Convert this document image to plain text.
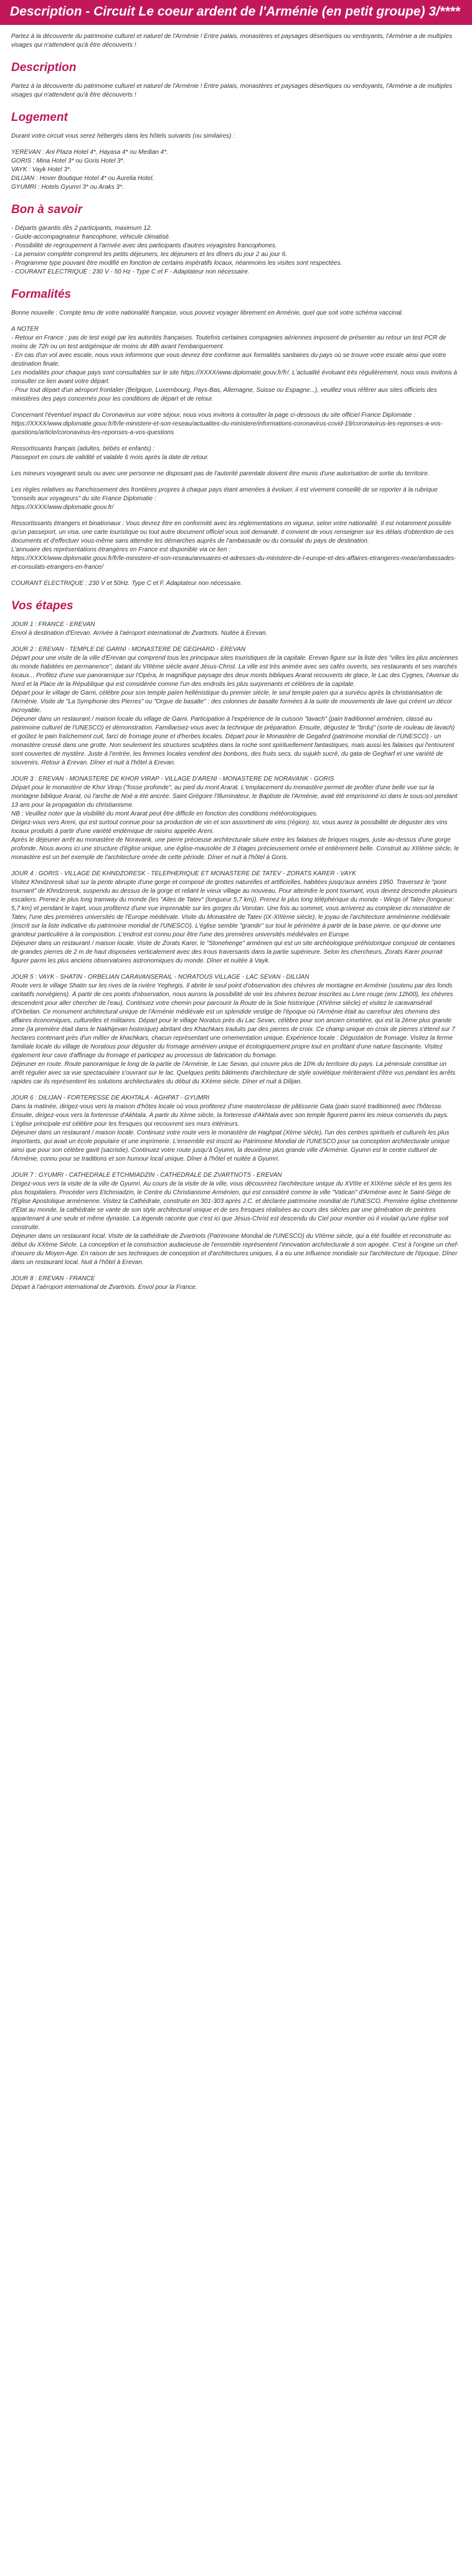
Description - Circuit Le coeur ardent de l'Arménie (en petit groupe) 3/****
Partez à la découverte du patrimoine culturel et naturel de l'Arménie ! Entre palais, monastères et paysages désertiques ou verdoyants, l'Arménie a de multiples visages qui n'attendent qu'à être découverts !
Description
Partez à la découverte du patrimoine culturel et naturel de l'Arménie ! Entre palais, monastères et paysages désertiques ou verdoyants, l'Arménie a de multiples visages qui n'attendent qu'à être découverts !
Logement
Durant votre circuit vous serez hébergés dans les hôtels suivants (ou similaires) :
YEREVAN : Ani Plaza Hotel 4*, Hayasa 4* ou Median 4*.
GORIS : Mina Hotel 3* ou Goris Hotel 3*.
VAYK : Vayk Hotel 3*.
DILIJAN : Hover Boutique Hotel 4* ou Aurelia Hotel.
GYUMRI : Hotels Gyumri 3* ou Araks 3*.
Bon à savoir
- Départs garantis dès 2 participants, maximum 12.
- Guide-accompagnateur francophone, véhicule climatisé.
- Possibilité de regroupement à l'arrivée avec des participants d'autres voyagistes francophones.
- La pension complète comprend les petits déjeuners, les déjeuners et les dîners du jour 2 au jour 6.
- Programme type pouvant être modifié en fonction de certains impératifs locaux, néanmoins les visites sont respectées.
- COURANT ELECTRIQUE : 230 V - 50 Hz - Type C et F - Adaptateur non nécessaire.
Formalités
Bonne nouvelle : Compte tenu de votre nationalité française, vous pouvez voyager librement en Arménie, quel que soit votre schéma vaccinal.
A NOTER
- Retour en France : pas de test exigé par les autorités françaises. Toutefois certaines compagnies aériennes imposent de présenter au retour un test PCR de moins de 72h ou un test antigénique de moins de 48h avant l'embarquement.
- En cas d'un vol avec escale, nous vous informons que vous devrez être conforme aux formalités sanitaires du pays où se trouve votre escale ainsi que votre destination finale.
Les modalités pour chaque pays sont consultables sur le site https://XXXX/www.diplomatie.gouv.fr/fr/. L'actualité évoluant très régulièrement, nous vous invitons à consulter ce lien avant votre départ.
- Pour tout départ d'un aéroport frontalier (Belgique, Luxembourg, Pays-Bas, Allemagne, Suisse ou Espagne...), veuillez vous référer aux sites officiels des ministères des pays concernés pour les conditions de départ et de retour.
Concernant l'éventuel impact du Coronavirus sur votre séjour, nous vous invitons à consulter la page ci-dessous du site officiel France Diplomatie :
https://XXXX/www.diplomatie.gouv.fr/fr/le-ministere-et-son-reseau/actualites-du-ministere/informations-coronavirus-covid-19/coronavirus-les-reponses-a-vos-questions/article/coronavirus-les-reponses-a-vos-questions
Ressortissants français (adultes, bébés et enfants) :
Passeport en cours de validité et valable 6 mois après la date de retour.
Les mineurs voyageant seuls ou avec une personne ne disposant pas de l'autorité parentale doivent être munis d'une autorisation de sortie du territoire.
Les règles relatives au franchissement des frontières propres à chaque pays étant amenées à évoluer, il est vivement conseillé de se reporter à la rubrique "conseils aux voyageurs" du site France Diplomatie :
https://XXXX/www.diplomatie.gouv.fr/
Ressortissants étrangers et binationaux : Vous devrez être en conformité avec les réglementations en vigueur, selon votre nationalité. Il est notamment possible qu'un passeport, un visa, une carte touristique ou tout autre document officiel vous soit demandé. Il convient de vous renseigner sur les délais d'obtention de ces documents et d'effectuer vous-même sans attendre les démarches auprès de l'ambassade ou du consulat du pays de destination.
L'annuaire des représentations étrangères en France est disponible via ce lien :
https://XXXX/www.diplomatie.gouv.fr/fr/le-ministere-et-son-reseau/annuaires-et-adresses-du-ministere-de-l-europe-et-des-affaires-etrangeres-meae/ambassades-et-consulats-etrangers-en-france/
COURANT ELECTRIQUE : 230 V et 50Hz. Type C et F. Adaptateur non nécessaire.
Vos étapes
JOUR 1 : FRANCE - EREVAN
Envol à destination d'Erevan. Arrivée à l'aéroport international de Zvartnots. Nuitée à Erevan.
JOUR 2 : EREVAN - TEMPLE DE GARNI - MONASTERE DE GEGHARD - EREVAN
Départ pour une visite de la ville d'Erevan qui comprend tous les principaux sites touristiques de la capitale. Erevan figure sur la liste des "villes les plus anciennes du monde habitées en permanence", datant du VIIIème siècle avant Jésus-Christ. La ville est très animée avec ses cafés ouverts, ses restaurants et ses marchés locaux... Profitez d'une vue panoramique sur l'Opéra, le magnifique paysage des deux monts bibliques Ararat recouverts de glace, le Lac des Cygnes, l'Avenue du Nord et la Place de la République qui est considérée comme l'un des endroits les plus surprenants et célèbres de la capitale.
Départ pour le village de Garni, célèbre pour son temple païen hellénistique du premier siècle, le seul temple païen qui a survécu après la christianisation de l'Arménie. Visite de "La Symphonie des Pierres" ou "Orgue de basalte" : des colonnes de basalte formées à la suite de mouvements de lave qui créent un décor incroyable.
Déjeuner dans un restaurant / maison locale du village de Garni. Participation à l'expérience de la cuisson "lavach" (pain traditionnel arménien, classé au patrimoine culturel de l'UNESCO) et démonstration. Familiarisez-vous avec la technique de préparation. Ensuite, dégustez le "brduj" (sorte de rouleau de lavach) et goûtez le pain fraîchement cuit, farci de fromage jeune et d'herbes locales. Départ pour le Monastère de Gegahrd (patrimoine mondial de l'UNESCO) - un monastère creusé dans une grotte. Non seulement les structures sculptées dans la roche sont spirituellement fantastiques, mais aussi les falaises qui l'entourent sont couvertes de mystère. Juste à l'entrée, les femmes locales vendent des bonbons, des fruits secs, du sujukh sucré, du gata de Gegharf et une variété de souvenirs. Retour à Erevan. Dîner et nuit à l'hôtel à Erevan.
JOUR 3 : EREVAN - MONASTERE DE KHOR VIRAP - VILLAGE D'ARENI - MONASTERE DE NORAVANK - GORIS
Départ pour le monastère de Khor Virap ("fosse profonde", au pied du mont Ararat. L'emplacement du monastère permet de profiter d'une belle vue sur la montagne biblique Ararat, où l'arche de Noé a été ancrée. Saint Grégoire l'Illuminateur, le Baptiste de l'Arménie, avait été emprisonné ici dans le sous-sol pendant 13 ans pour la propagation du christianisme.
NB : Veuillez noter que la visibilité du mont Ararat peut être difficile en fonction des conditions météorologiques.
Dirigez-vous vers Areni, qui est surtout connue pour sa production de vin et son assortiment de vins (région). Ici, vous aurez la possibilité de déguster des vins locaux produits à partir d'une variété endémique de raisins appelée Areni.
Après le déjeuner arrêt au monastère de Noravank, une pierre précieuse architecturale située entre les falaises de briques rouges, juste au-dessus d'une gorge profonde. Nous avons ici une structure d'église unique, une église-mausolée de 3 étages précieusement ornée et entièrement belle. Construit au XIIIème siècle, le monastère est un bel exemple de l'architecture ornée de cette période. Dîner et nuit à l'hôtel à Goris.
JOUR 4 : GORIS - VILLAGE DE KHNDZORESK - TELEPHERIQUE ET MONASTERE DE TATEV - ZORATS KARER - VAYK
Visitez Khndzoresk situé sur la pente abrupte d'une gorge et composé de grottes naturelles et artificielles, habitées jusqu'aux années 1950. Traversez le "pont tournant" de Khndzoresk, suspendu au dessus de la gorge et reliant le vieux village au nouveau. Pour atteindre le pont tournant, vous devrez descendre plusieurs escaliers. Prenez le plus long tramway du monde (les "Ailes de Tatev" (longueur 5,7 km)). Prenez le plus long téléphérique du monde - Wings of Tatev (longueur: 5,7 km) et pendant le trajet, vous profiterez d'une vue imprenable sur les gorges du Vorotan. Une fois au sommet, vous arriverez au complexe du monastère de Tatev, l'une des premières universités de l'Europe médiévale. Visite du Monastère de Tatev (IX-XIIIème siècle), le joyau de l'architecture arménienne médiévale (inscrit sur la liste indicative du patrimoine mondial de l'UNESCO). L'église semble "grandir" sur tout le périmètre à partir de la base pierre, ce qui donne une grandeur particulière à la composition. L'endroit est connu pour être l'une des premières universités médiévales en Europe.
Déjeuner dans un restaurant / maison locale. Visite de Zorats Karer, le "Stonehenge" arménien qui est un site archéologique préhistorique composé de centaines de grandes pierres de 2 m de haut disposées verticalement avec des trous traversants dans la partie supérieure. Selon les chercheurs, Zorats Karer pourrait figurer parmi les plus anciens observatoires astronomiques du monde. Dîner et nuitée à Vayk.
JOUR 5 : VAYK - SHATIN - ORBELIAN CARAVANSERAIL - NORATOUS VILLAGE - LAC SEVAN - DILIJAN
Route vers le village Shatin sur les rives de la rivière Yeghegis. Il abrite le seul point d'observation des chèvres de montagne en Arménie (soutenu par des fonds caritatifs norvégiens). À partir de ces points d'observation, nous aurons la possibilité de voir les chèvres bezoar inscrites au Livre rouge (env 12h00), les chèvres descendent pour aller chercher de l'eau). Continuez votre chemin pour parcourir la Route de la Soie historique (XIVème siècle) et visitez le caravansérail d'Orbelian. Ce monument architectural unique de l'Arménie médiévale est un splendide vestige de l'époque où l'Arménie était au carrefour des chemins des affaires économiques, culturelles et militaires. Départ pour le village Noratus près du Lac Sevan, célèbre pour son ancien cimetière, qui est la 2ème plus grande zone (la première était dans le Nakhijevan historique) abritant des Khachkars traduits par des pierres de croix. Ce champ unique en croix de pierres s'étend sur 7 hectares contenant près d'un millier de khachkars, chacun représentant une ornementation unique. Expérience locale : Dégustation de fromage. Visitez la ferme familiale locale du village de Noratous pour déguster du fromage arménien unique et écologiquement propre tout en profitant d'une nature fascinante. Visitez également leur cave d'affinage du fromage et participez au processus de fabrication du fromage.
Déjeuner en route. Route panoramique le long de la partie de l'Arménie, le Lac Sevan, qui couvre plus de 10% du territoire du pays. La péninsule constitue un arrêt régulier avec sa vue spectaculaire s'ouvrant sur le lac. Quelques petits bâtiments d'architecture de style soviétique mériteraient d'être vus pendant les arrêts rapides car ils représentent les solutions architecturales du début du XXème siècle. Dîner et nuit à Dilijan.
JOUR 6 : DILIJAN - FORTERESSE DE AKHTALA - AGHPAT - GYUMRI
Dans la matinée, dirigez-vous vers la maison d'hôtes locale où vous profiterez d'une masterclasse de pâtisserie Gata (pain sucré traditionnel) avec l'hôtesse. Ensuite, dirigez-vous vers la forteresse d'Akhtala. À partir du Xème siècle, la forteresse d'Akhtala avec son temple figurent parmi les mieux conservés du pays. L'église principale est célèbre pour les fresques qui recouvrent ses murs intérieurs.
Déjeuner dans un restaurant / maison locale. Continuez votre route vers le monastère de Haghpat (Xème siècle), l'un des centres spirituels et culturels les plus importants, qui avait un école populaire et une imprimerie. L'ensemble est inscrit au Patrimoine Mondial de l'UNESCO pour sa conception architecturale unique ainsi que pour son célèbre gavit (sacristie). Continuez votre route jusqu'à Gyumri, la deuxième plus grande ville d'Arménie. Gyumri est le centre culturel de l'Arménie, connu pour se traditions et son humour local unique. Dîner à l'hôtel et nuitée à Gyumri.
JOUR 7 : GYUMRI - CATHEDRALE ETCHMIADZIN - CATHEDRALE DE ZVARTNOTS - EREVAN
Dirigez-vous vers la visite de la ville de Gyumri. Au cours de la visite de la ville, vous découvrirez l'architecture unique du XVIIIe et XIXème siècle et les gens les plus hospitaliers. Procéder vers Etchmiadzin, le Centre du Christianisme Arménien, qui est considéré comme la ville "Vatican" d'Arménie avec le Saint-Siège de l'Eglise Apostolique arménienne. Visitez la Cathédrale, construite en 301-303 après J.C. et déclarée patrimoine mondial de l'UNESCO. Première église chrétienne d'Etat au monde, la cathédrale se vante de son style architectural unique et de ses fresques réalisées au cours des siècles par une génération de peintres appartenant à une seule et même dynastie. La légende raconte que c'est ici que Jésus-Christ est descendu du Ciel pour montrer où il voulait qu'une église soit construite.
Déjeuner dans un restaurant local. Visite de la cathédrale de Zvartnots (Patrimoine Mondial de l'UNESCO) du VIIème siècle, qui a été fouillée et reconstruite au début du XXème Siècle. La conception et la construction audacieuse de l'ensemble représentent l'innovation architecturale à son apogée. C'est à l'origine un chef-d'oeuvre du Moyen-Age. En raison de ses techniques de conception et d'architectures uniques, il a eu une influence mondiale sur l'architecture de l'époque. Dîner dans un restaurant local. Nuit à l'hôtel à Erevan.
JOUR 8 : EREVAN - FRANCE
Départ à l'aéroport international de Zvartnots. Envol pour la France.
